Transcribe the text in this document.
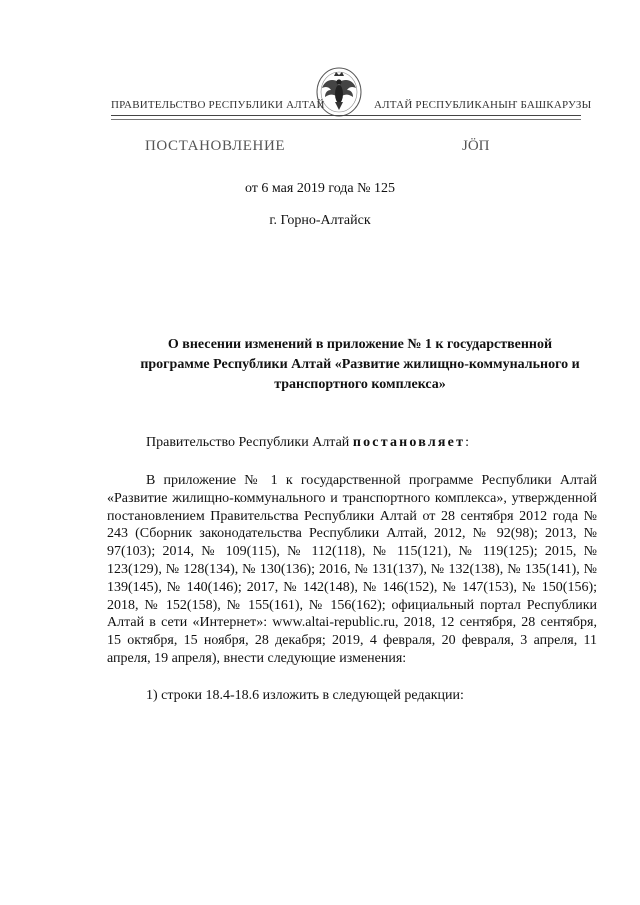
ПРАВИТЕЛЬСТВО РЕСПУБЛИКИ АЛТАЙ	АЛТАЙ РЕСПУБЛИКАНЫҤ БАШКАРУЗЫ
ПОСТАНОВЛЕНИЕ	ЈӦП
от 6 мая 2019 года № 125
г. Горно-Алтайск
О внесении изменений в приложение № 1 к государственной
программе Республики Алтай «Развитие жилищно-коммунального и
транспортного комплекса»
Правительство Республики Алтай постановляет:

В приложение № 1 к государственной программе Республики Алтай «Развитие жилищно-коммунального и транспортного комплекса», утвержденной постановлением Правительства Республики Алтай от 28 сентября 2012 года № 243 (Сборник законодательства Республики Алтай, 2012, № 92(98); 2013, № 97(103); 2014, № 109(115), № 112(118), № 115(121), № 119(125); 2015, № 123(129), № 128(134), № 130(136); 2016, № 131(137), № 132(138), № 135(141), № 139(145), № 140(146); 2017, № 142(148), № 146(152), № 147(153), № 150(156); 2018, № 152(158), № 155(161), № 156(162); официальный портал Республики Алтай в сети «Интернет»: www.altai-republic.ru, 2018, 12 сентября, 28 сентября, 15 октября, 15 ноября, 28 декабря; 2019, 4 февраля, 20 февраля, 3 апреля, 11 апреля, 19 апреля), внести следующие изменения:

1) строки 18.4-18.6 изложить в следующей редакции:
